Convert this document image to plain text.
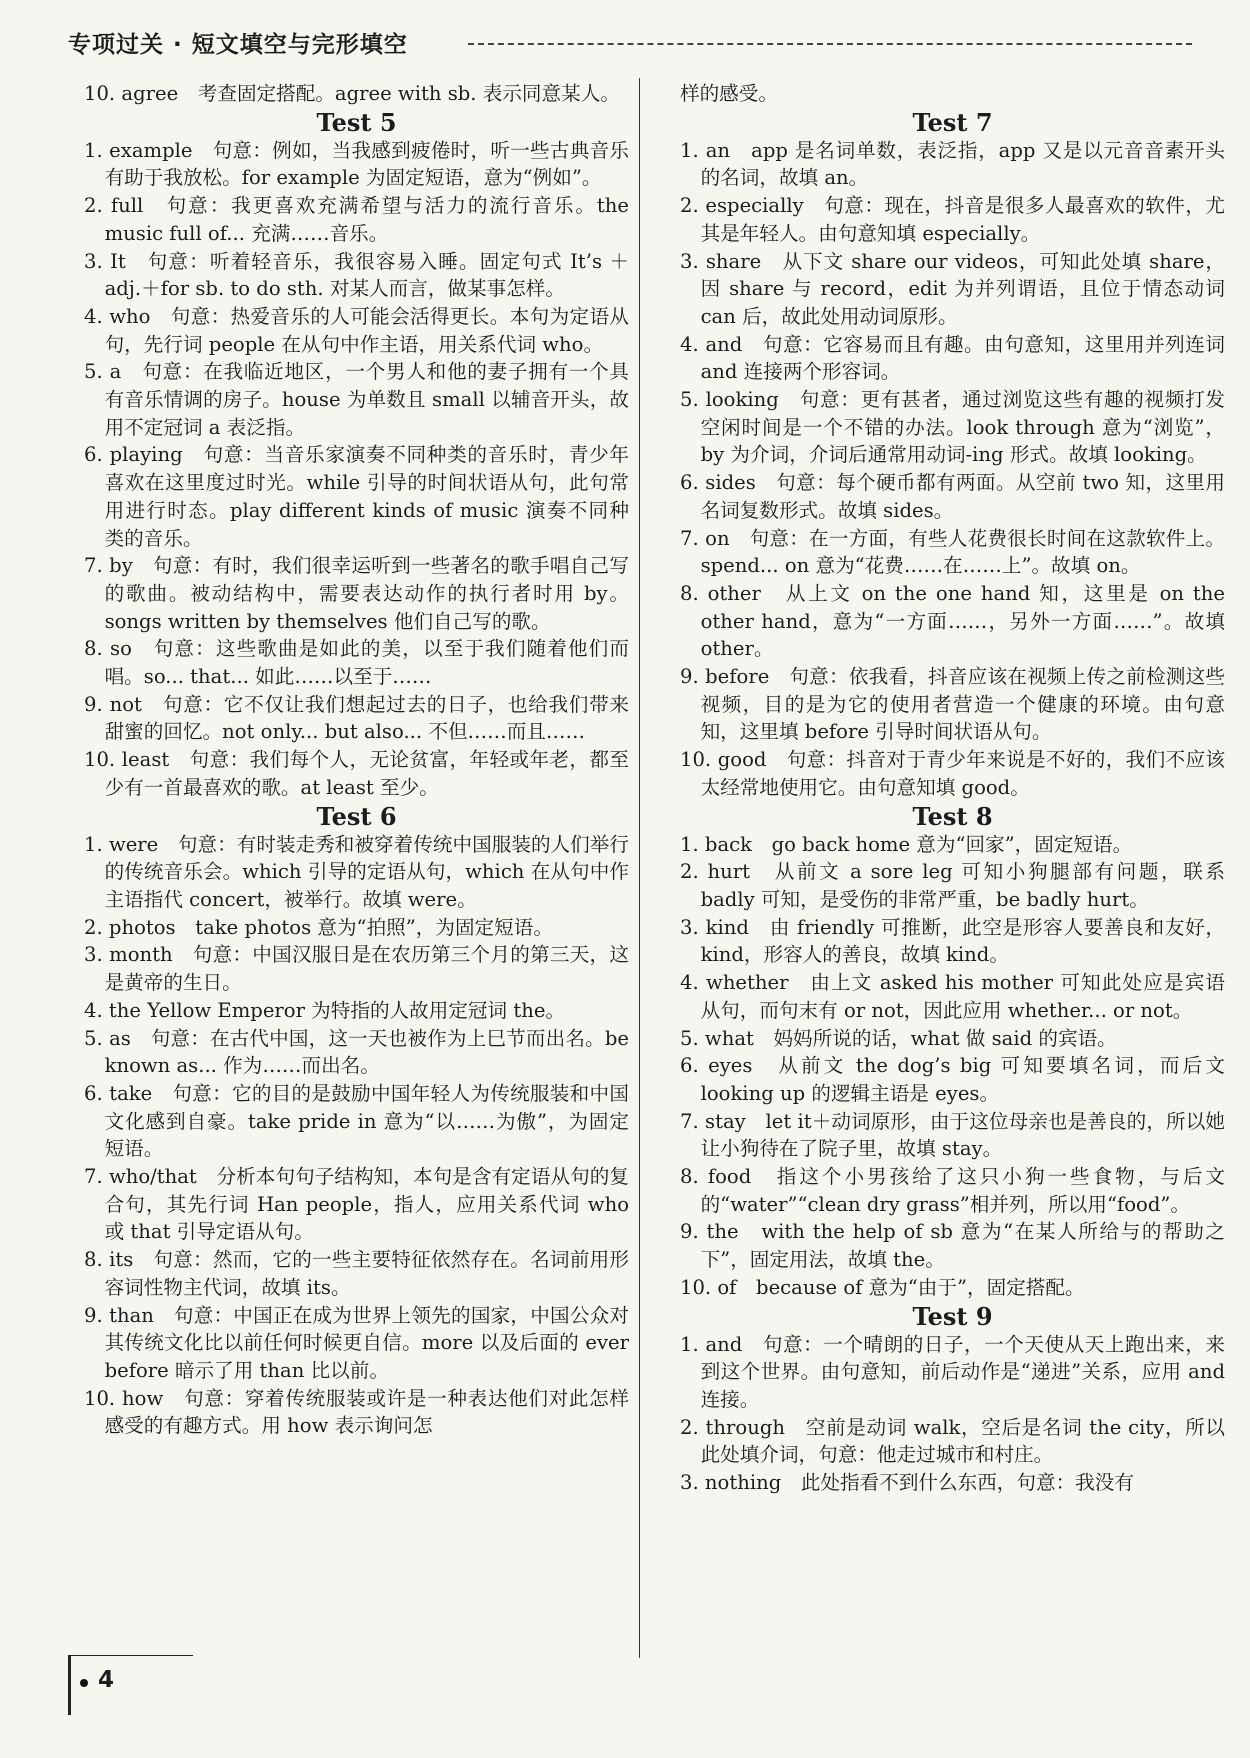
专项过关 · 短文填空与完形填空
10. agree　考查固定搭配。agree with sb. 表示同意某人。
Test 5
1. example　句意：例如，当我感到疲倦时，听一些古典音乐有助于我放松。for example 为固定短语，意为“例如”。
2. full　句意：我更喜欢充满希望与活力的流行音乐。the music full of... 充满……音乐。
3. It　句意：听着轻音乐，我很容易入睡。固定句式 It’s ＋adj.＋for sb. to do sth. 对某人而言，做某事怎样。
4. who　句意：热爱音乐的人可能会活得更长。本句为定语从句，先行词 people 在从句中作主语，用关系代词 who。
5. a　句意：在我临近地区，一个男人和他的妻子拥有一个具有音乐情调的房子。house 为单数且 small 以辅音开头，故用不定冠词 a 表泛指。
6. playing　句意：当音乐家演奏不同种类的音乐时，青少年喜欢在这里度过时光。while 引导的时间状语从句，此句常用进行时态。play different kinds of music 演奏不同种类的音乐。
7. by　句意：有时，我们很幸运听到一些著名的歌手唱自己写的歌曲。被动结构中，需要表达动作的执行者时用 by。songs written by themselves 他们自己写的歌。
8. so　句意：这些歌曲是如此的美，以至于我们随着他们而唱。so... that... 如此……以至于……
9. not　句意：它不仅让我们想起过去的日子，也给我们带来甜蜜的回忆。not only... but also... 不但……而且……
10. least　句意：我们每个人，无论贫富，年轻或年老，都至少有一首最喜欢的歌。at least 至少。
Test 6
1. were　句意：有时装走秀和被穿着传统中国服装的人们举行的传统音乐会。which 引导的定语从句，which 在从句中作主语指代 concert，被举行。故填 were。
2. photos　take photos 意为“拍照”，为固定短语。
3. month　句意：中国汉服日是在农历第三个月的第三天，这是黄帝的生日。
4. the Yellow Emperor 为特指的人故用定冠词 the。
5. as　句意：在古代中国，这一天也被作为上巳节而出名。be known as... 作为……而出名。
6. take　句意：它的目的是鼓励中国年轻人为传统服装和中国文化感到自豪。take pride in 意为“以……为傲”，为固定短语。
7. who/that　分析本句句子结构知，本句是含有定语从句的复合句，其先行词 Han people，指人，应用关系代词 who 或 that 引导定语从句。
8. its　句意：然而，它的一些主要特征依然存在。名词前用形容词性物主代词，故填 its。
9. than　句意：中国正在成为世界上领先的国家，中国公众对其传统文化比以前任何时候更自信。more 以及后面的 ever before 暗示了用 than 比以前。
10. how　句意：穿着传统服装或许是一种表达他们对此怎样感受的有趣方式。用 how 表示询问怎
样的感受。
Test 7
1. an　app 是名词单数，表泛指，app 又是以元音音素开头的名词，故填 an。
2. especially　句意：现在，抖音是很多人最喜欢的软件，尤其是年轻人。由句意知填 especially。
3. share　从下文 share our videos，可知此处填 share，因 share 与 record，edit 为并列谓语，且位于情态动词 can 后，故此处用动词原形。
4. and　句意：它容易而且有趣。由句意知，这里用并列连词 and 连接两个形容词。
5. looking　句意：更有甚者，通过浏览这些有趣的视频打发空闲时间是一个不错的办法。look through 意为“浏览”，by 为介词，介词后通常用动词-ing 形式。故填 looking。
6. sides　句意：每个硬币都有两面。从空前 two 知，这里用名词复数形式。故填 sides。
7. on　句意：在一方面，有些人花费很长时间在这款软件上。spend... on 意为“花费……在……上”。故填 on。
8. other　从上文 on the one hand 知，这里是 on the other hand，意为“一方面……，另外一方面……”。故填 other。
9. before　句意：依我看，抖音应该在视频上传之前检测这些视频，目的是为它的使用者营造一个健康的环境。由句意知，这里填 before 引导时间状语从句。
10. good　句意：抖音对于青少年来说是不好的，我们不应该太经常地使用它。由句意知填 good。
Test 8
1. back　go back home 意为“回家”，固定短语。
2. hurt　从前文 a sore leg 可知小狗腿部有问题，联系 badly 可知，是受伤的非常严重，be badly hurt。
3. kind　由 friendly 可推断，此空是形容人要善良和友好，kind，形容人的善良，故填 kind。
4. whether　由上文 asked his mother 可知此处应是宾语从句，而句末有 or not，因此应用 whether... or not。
5. what　妈妈所说的话，what 做 said 的宾语。
6. eyes　从前文 the dog’s big 可知要填名词，而后文 looking up 的逻辑主语是 eyes。
7. stay　let it＋动词原形，由于这位母亲也是善良的，所以她让小狗待在了院子里，故填 stay。
8. food　指这个小男孩给了这只小狗一些食物，与后文的“water”“clean dry grass”相并列，所以用“food”。
9. the　with the help of sb 意为“在某人所给与的帮助之下”，固定用法，故填 the。
10. of　because of 意为“由于”，固定搭配。
Test 9
1. and　句意：一个晴朗的日子，一个天使从天上跑出来，来到这个世界。由句意知，前后动作是“递进”关系，应用 and 连接。
2. through　空前是动词 walk，空后是名词 the city，所以此处填介词，句意：他走过城市和村庄。
3. nothing　此处指看不到什么东西，句意：我没有
4
